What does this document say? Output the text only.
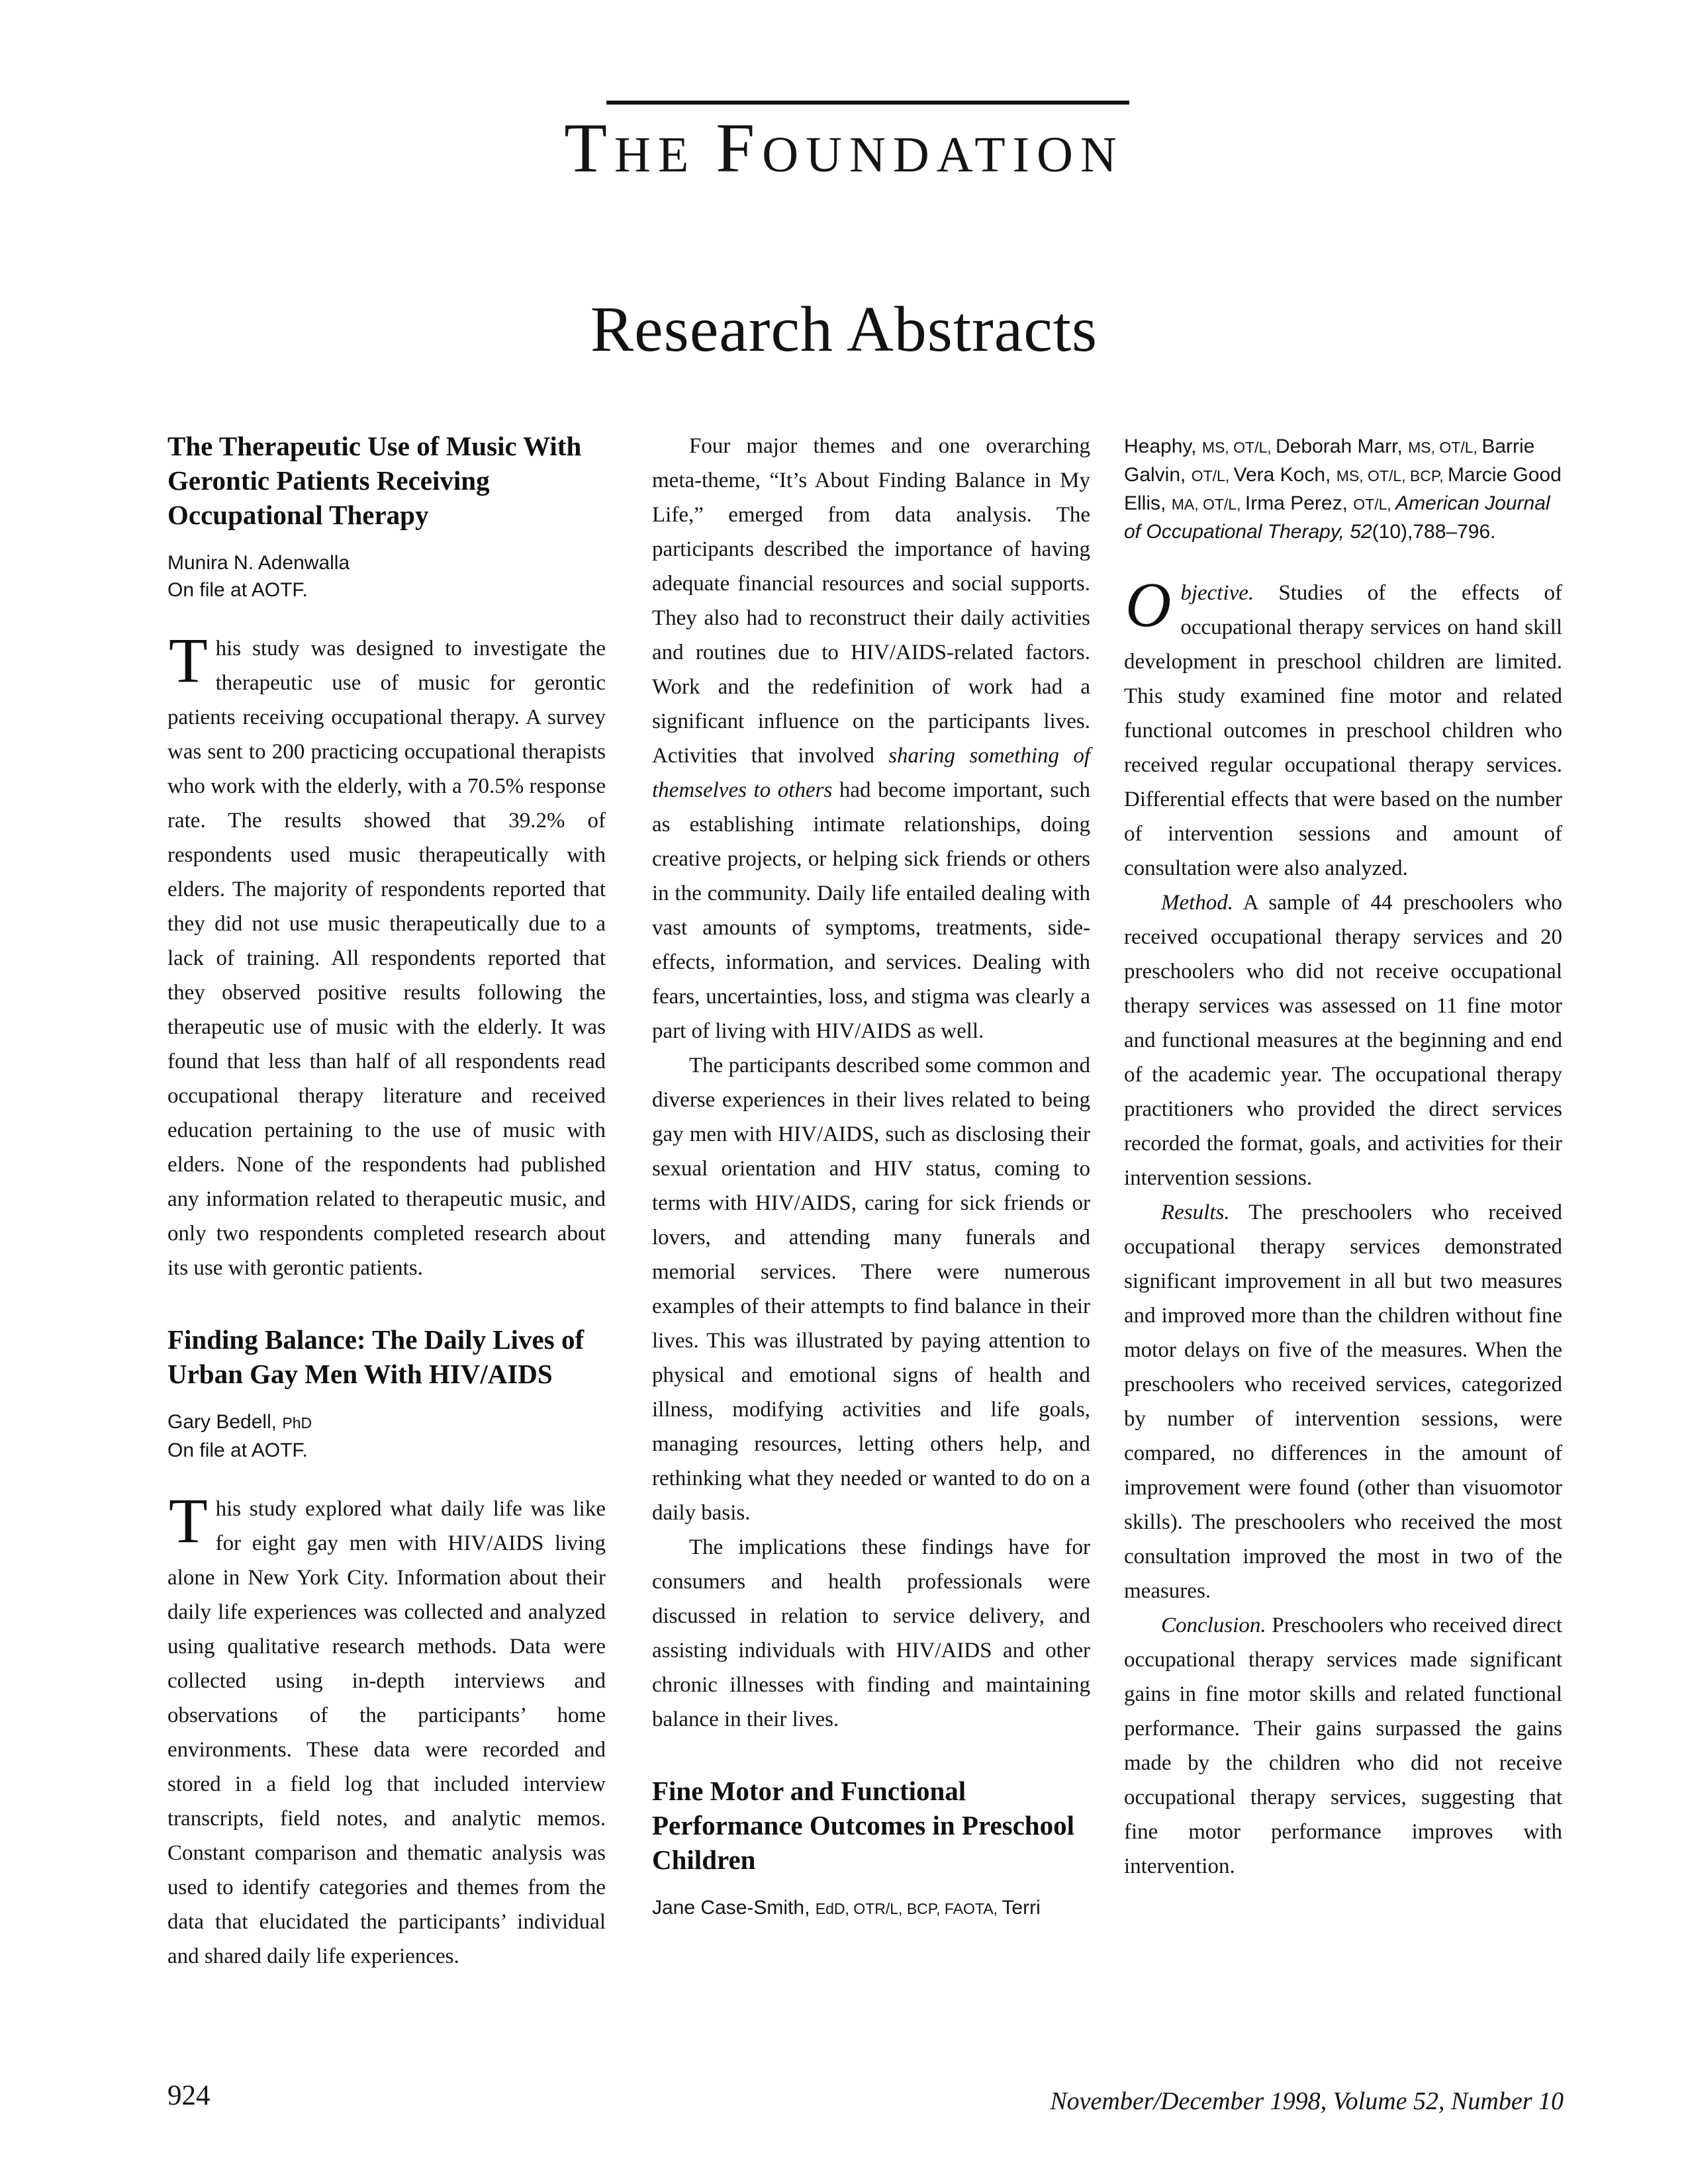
THE FOUNDATION
Research Abstracts
The Therapeutic Use of Music With Gerontic Patients Receiving Occupational Therapy
Munira N. Adenwalla
On file at AOTF.

This study was designed to investigate the therapeutic use of music for gerontic patients receiving occupational therapy. A survey was sent to 200 practicing occupational therapists who work with the elderly, with a 70.5% response rate. The results showed that 39.2% of respondents used music therapeutically with elders. The majority of respondents reported that they did not use music therapeutically due to a lack of training. All respondents reported that they observed positive results following the therapeutic use of music with the elderly. It was found that less than half of all respondents read occupational therapy literature and received education pertaining to the use of music with elders. None of the respondents had published any information related to therapeutic music, and only two respondents completed research about its use with gerontic patients.

Finding Balance: The Daily Lives of Urban Gay Men With HIV/AIDS
Gary Bedell, PhD
On file at AOTF.

This study explored what daily life was like for eight gay men with HIV/AIDS living alone in New York City. Information about their daily life experiences was collected and analyzed using qualitative research methods. Data were collected using in-depth interviews and observations of the participants’ home environments. These data were recorded and stored in a field log that included interview transcripts, field notes, and analytic memos. Constant comparison and thematic analysis was used to identify categories and themes from the data that elucidated the participants’ individual and shared daily life experiences.

Four major themes and one overarching meta-theme, “It’s About Finding Balance in My Life,” emerged from data analysis. The participants described the importance of having adequate financial resources and social supports. They also had to reconstruct their daily activities and routines due to HIV/AIDS-related factors. Work and the redefinition of work had a significant influence on the participants lives. Activities that involved sharing something of themselves to others had become important, such as establishing intimate relationships, doing creative projects, or helping sick friends or others in the community. Daily life entailed dealing with vast amounts of symptoms, treatments, side-effects, information, and services. Dealing with fears, uncertainties, loss, and stigma was clearly a part of living with HIV/AIDS as well.

The participants described some common and diverse experiences in their lives related to being gay men with HIV/AIDS, such as disclosing their sexual orientation and HIV status, coming to terms with HIV/AIDS, caring for sick friends or lovers, and attending many funerals and memorial services. There were numerous examples of their attempts to find balance in their lives. This was illustrated by paying attention to physical and emotional signs of health and illness, modifying activities and life goals, managing resources, letting others help, and rethinking what they needed or wanted to do on a daily basis.

The implications these findings have for consumers and health professionals were discussed in relation to service delivery, and assisting individuals with HIV/AIDS and other chronic illnesses with finding and maintaining balance in their lives.

Fine Motor and Functional Performance Outcomes in Preschool Children
Jane Case-Smith, EdD, OTR/L, BCP, FAOTA, Terri
Heaphy, MS, OT/L, Deborah Marr, MS, OT/L, Barrie Galvin, OT/L, Vera Koch, MS, OT/L, BCP, Marcie Good Ellis, MA, OT/L, Irma Perez, OT/L, American Journal of Occupational Therapy, 52(10),788–796.

Objective. Studies of the effects of occupational therapy services on hand skill development in preschool children are limited. This study examined fine motor and related functional outcomes in preschool children who received regular occupational therapy services. Differential effects that were based on the number of intervention sessions and amount of consultation were also analyzed.

Method. A sample of 44 preschoolers who received occupational therapy services and 20 preschoolers who did not receive occupational therapy services was assessed on 11 fine motor and functional measures at the beginning and end of the academic year. The occupational therapy practitioners who provided the direct services recorded the format, goals, and activities for their intervention sessions.

Results. The preschoolers who received occupational therapy services demonstrated significant improvement in all but two measures and improved more than the children without fine motor delays on five of the measures. When the preschoolers who received services, categorized by number of intervention sessions, were compared, no differences in the amount of improvement were found (other than visuomotor skills). The preschoolers who received the most consultation improved the most in two of the measures.

Conclusion. Preschoolers who received direct occupational therapy services made significant gains in fine motor skills and related functional performance. Their gains surpassed the gains made by the children who did not receive occupational therapy services, suggesting that fine motor performance improves with intervention.

924	November/December 1998, Volume 52, Number 10
